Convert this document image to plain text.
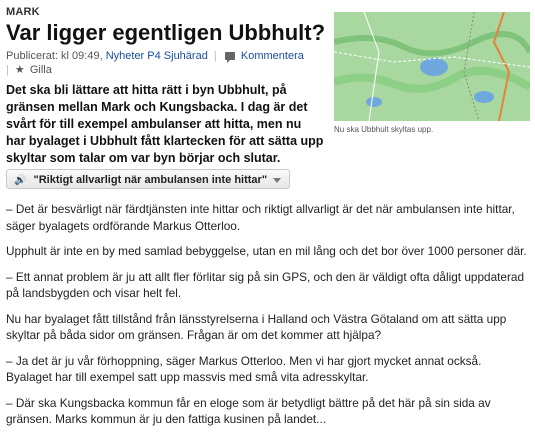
MARK
Var ligger egentligen Ubbhult?
Publicerat: kl 09:49, Nyheter P4 Sjuhärad | Kommentera
| ★ Gilla
Nu ska Ubbhult skyltas upp.
Det ska bli lättare att hitta rätt i byn Ubbhult, på gränsen mellan Mark och Kungsbacka. I dag är det svårt för till exempel ambulanser att hitta, men nu har byalaget i Ubbhult fått klartecken för att sätta upp skyltar som talar om var byn börjar och slutar.
🔊 "Riktigt allvarligt när ambulansen inte hittar"

– Det är besvärligt när färdtjänsten inte hittar och riktigt allvarligt är det när ambulansen inte hittar, säger byalagets ordförande Markus Otterloo.

Upphult är inte en by med samlad bebyggelse, utan en mil lång och det bor över 1000 personer där.

– Ett annat problem är ju att allt fler förlitar sig på sin GPS, och den är väldigt ofta dåligt uppdaterad på landsbygden och visar helt fel.

Nu har byalaget fått tillstånd från länsstyrelserna i Halland och Västra Götaland om att sätta upp skyltar på båda sidor om gränsen. Frågan är om det kommer att hjälpa?

– Ja det är ju vår förhoppning, säger Markus Otterloo. Men vi har gjort mycket annat också. Byalaget har till exempel satt upp massvis med små vita adresskyltar.

– Där ska Kungsbacka kommun får en eloge som är betydligt bättre på det här på sin sida av gränsen. Marks kommun är ju den fattiga kusinen på landet...
